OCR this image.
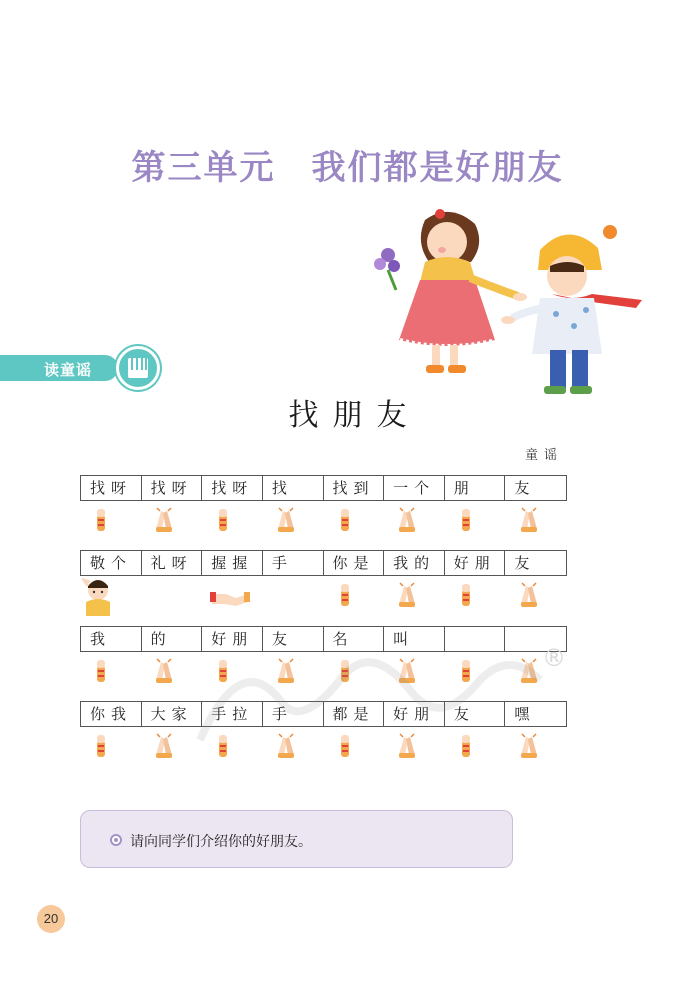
第三单元　我们都是好朋友
读童谣
找朋友
童谣
找呀	找呀	找呀	找	找到	一个	朋	友
敬个	礼呀	握握	手	你是	我的	好朋	友
我	的	好朋	友	名	叫
你我	大家	手拉	手	都是	好朋	友	嘿
®
请向同学们介绍你的好朋友。
20
